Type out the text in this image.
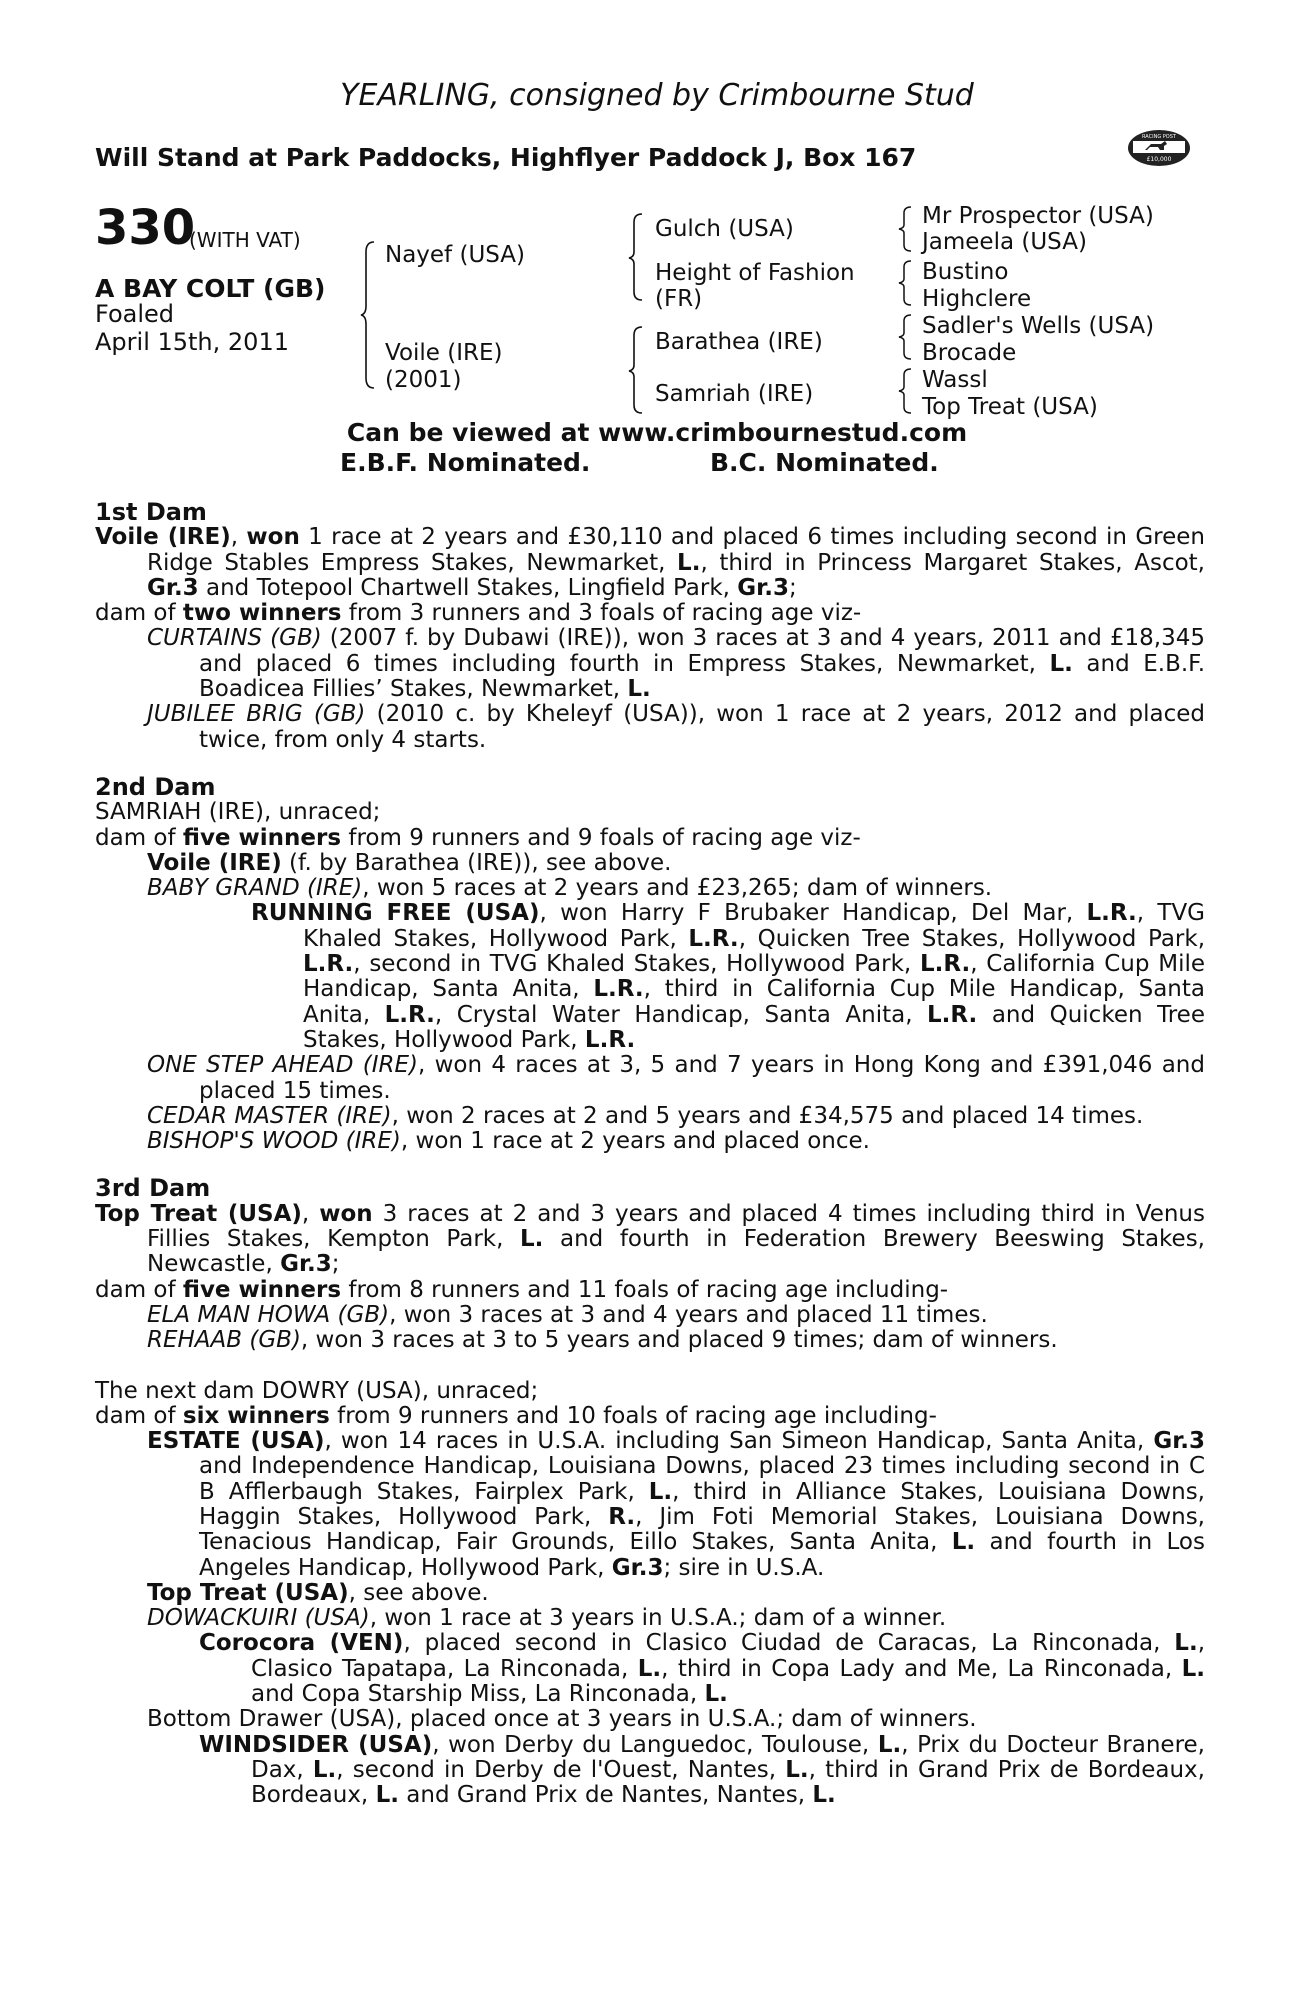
YEARLING, consigned by Crimbourne Stud
Will Stand at Park Paddocks, Highflyer Paddock J, Box 167
RACING POST
£10,000
330
(WITH VAT)
A BAY COLT (GB)
Foaled
April 15th, 2011
Nayef (USA)
Voile (IRE)
(2001)
Gulch (USA)
Height of Fashion
(FR)
Barathea (IRE)
Samriah (IRE)
Mr Prospector (USA)
Jameela (USA)
Bustino
Highclere
Sadler's Wells (USA)
Brocade
Wassl
Top Treat (USA)
Can be viewed at www.crimbournestud.com
E.B.F. Nominated.	B.C. Nominated.
1st Dam
Voile (IRE), won 1 race at 2 years and £30,110 and placed 6 times including second in Green Ridge Stables Empress Stakes, Newmarket, L., third in Princess Margaret Stakes, Ascot, Gr.3 and Totepool Chartwell Stakes, Lingfield Park, Gr.3;
dam of two winners from 3 runners and 3 foals of racing age viz-
CURTAINS (GB) (2007 f. by Dubawi (IRE)), won 3 races at 3 and 4 years, 2011 and £18,345 and placed 6 times including fourth in Empress Stakes, Newmarket, L. and E.B.F. Boadicea Fillies’ Stakes, Newmarket, L.
JUBILEE BRIG (GB) (2010 c. by Kheleyf (USA)), won 1 race at 2 years, 2012 and placed twice, from only 4 starts.
2nd Dam
SAMRIAH (IRE), unraced;
dam of five winners from 9 runners and 9 foals of racing age viz-
Voile (IRE) (f. by Barathea (IRE)), see above.
BABY GRAND (IRE), won 5 races at 2 years and £23,265; dam of winners.
RUNNING FREE (USA), won Harry F Brubaker Handicap, Del Mar, L.R., TVG Khaled Stakes, Hollywood Park, L.R., Quicken Tree Stakes, Hollywood Park, L.R., second in TVG Khaled Stakes, Hollywood Park, L.R., California Cup Mile Handicap, Santa Anita, L.R., third in California Cup Mile Handicap, Santa Anita, L.R., Crystal Water Handicap, Santa Anita, L.R. and Quicken Tree Stakes, Hollywood Park, L.R.
ONE STEP AHEAD (IRE), won 4 races at 3, 5 and 7 years in Hong Kong and £391,046 and placed 15 times.
CEDAR MASTER (IRE), won 2 races at 2 and 5 years and £34,575 and placed 14 times.
BISHOP'S WOOD (IRE), won 1 race at 2 years and placed once.
3rd Dam
Top Treat (USA), won 3 races at 2 and 3 years and placed 4 times including third in Venus Fillies Stakes, Kempton Park, L. and fourth in Federation Brewery Beeswing Stakes, Newcastle, Gr.3;
dam of five winners from 8 runners and 11 foals of racing age including-
ELA MAN HOWA (GB), won 3 races at 3 and 4 years and placed 11 times.
REHAAB (GB), won 3 races at 3 to 5 years and placed 9 times; dam of winners.
The next dam DOWRY (USA), unraced;
dam of six winners from 9 runners and 10 foals of racing age including-
ESTATE (USA), won 14 races in U.S.A. including San Simeon Handicap, Santa Anita, Gr.3 and Independence Handicap, Louisiana Downs, placed 23 times including second in C B Afflerbaugh Stakes, Fairplex Park, L., third in Alliance Stakes, Louisiana Downs, Haggin Stakes, Hollywood Park, R., Jim Foti Memorial Stakes, Louisiana Downs, Tenacious Handicap, Fair Grounds, Eillo Stakes, Santa Anita, L. and fourth in Los Angeles Handicap, Hollywood Park, Gr.3; sire in U.S.A.
Top Treat (USA), see above.
DOWACKUIRI (USA), won 1 race at 3 years in U.S.A.; dam of a winner.
Corocora (VEN), placed second in Clasico Ciudad de Caracas, La Rinconada, L., Clasico Tapatapa, La Rinconada, L., third in Copa Lady and Me, La Rinconada, L. and Copa Starship Miss, La Rinconada, L.
Bottom Drawer (USA), placed once at 3 years in U.S.A.; dam of winners.
WINDSIDER (USA), won Derby du Languedoc, Toulouse, L., Prix du Docteur Branere, Dax, L., second in Derby de l'Ouest, Nantes, L., third in Grand Prix de Bordeaux, Bordeaux, L. and Grand Prix de Nantes, Nantes, L.
